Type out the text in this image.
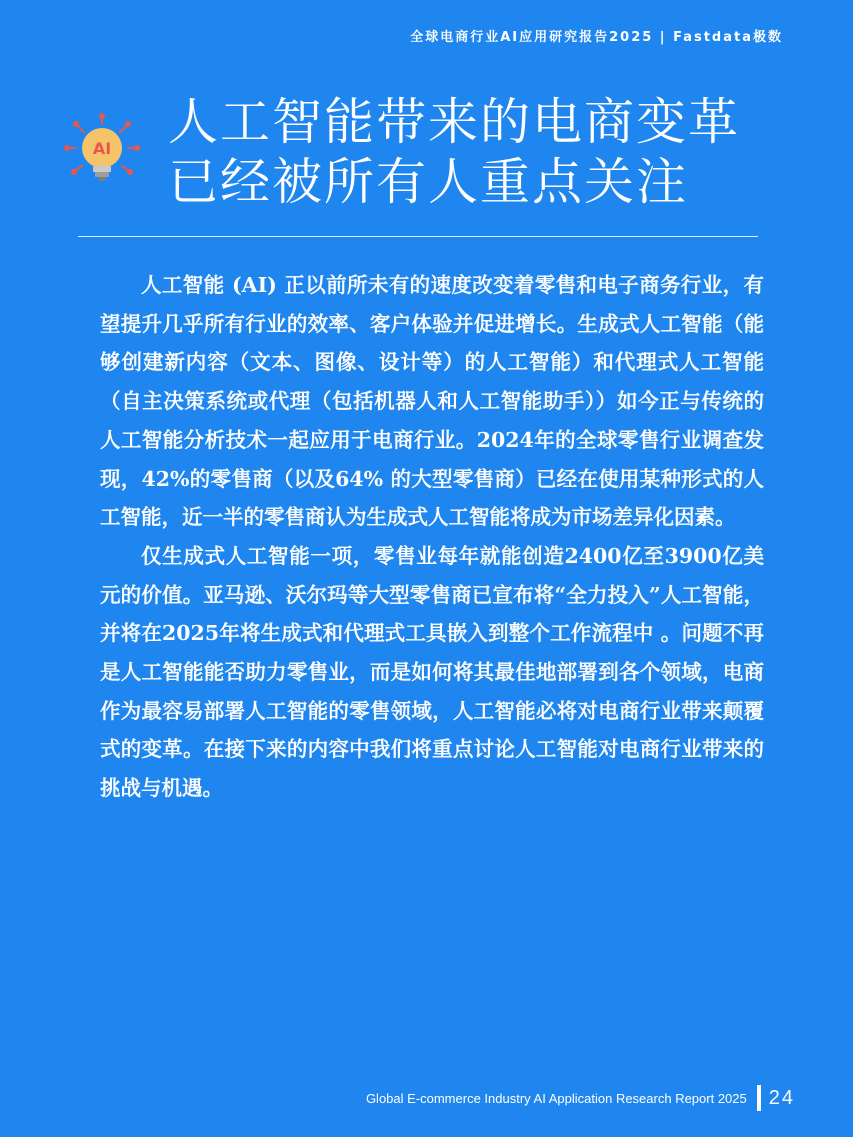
全球电商行业AI应用研究报告2025 | Fastdata极数
AI 人工智能带来的电商变革
已经被所有人重点关注

人工智能 (AI) 正以前所未有的速度改变着零售和电子商务行业，有望提升几乎所有行业的效率、客户体验并促进增长。生成式人工智能（能够创建新内容（文本、图像、设计等）的人工智能）和代理式人工智能（自主决策系统或代理（包括机器人和人工智能助手））如今正与传统的人工智能分析技术一起应用于电商行业。2024年的全球零售行业调查发现，42%的零售商（以及64% 的大型零售商）已经在使用某种形式的人工智能，近一半的零售商认为生成式人工智能将成为市场差异化因素。

仅生成式人工智能一项，零售业每年就能创造2400亿至3900亿美元的价值。亚马逊、沃尔玛等大型零售商已宣布将“全力投入”人工智能，并将在2025年将生成式和代理式工具嵌入到整个工作流程中 。问题不再是人工智能能否助力零售业，而是如何将其最佳地部署到各个领域，电商作为最容易部署人工智能的零售领域，人工智能必将对电商行业带来颠覆式的变革。在接下来的内容中我们将重点讨论人工智能对电商行业带来的挑战与机遇。

Global E-commerce Industry AI Application Research Report 2025 24
